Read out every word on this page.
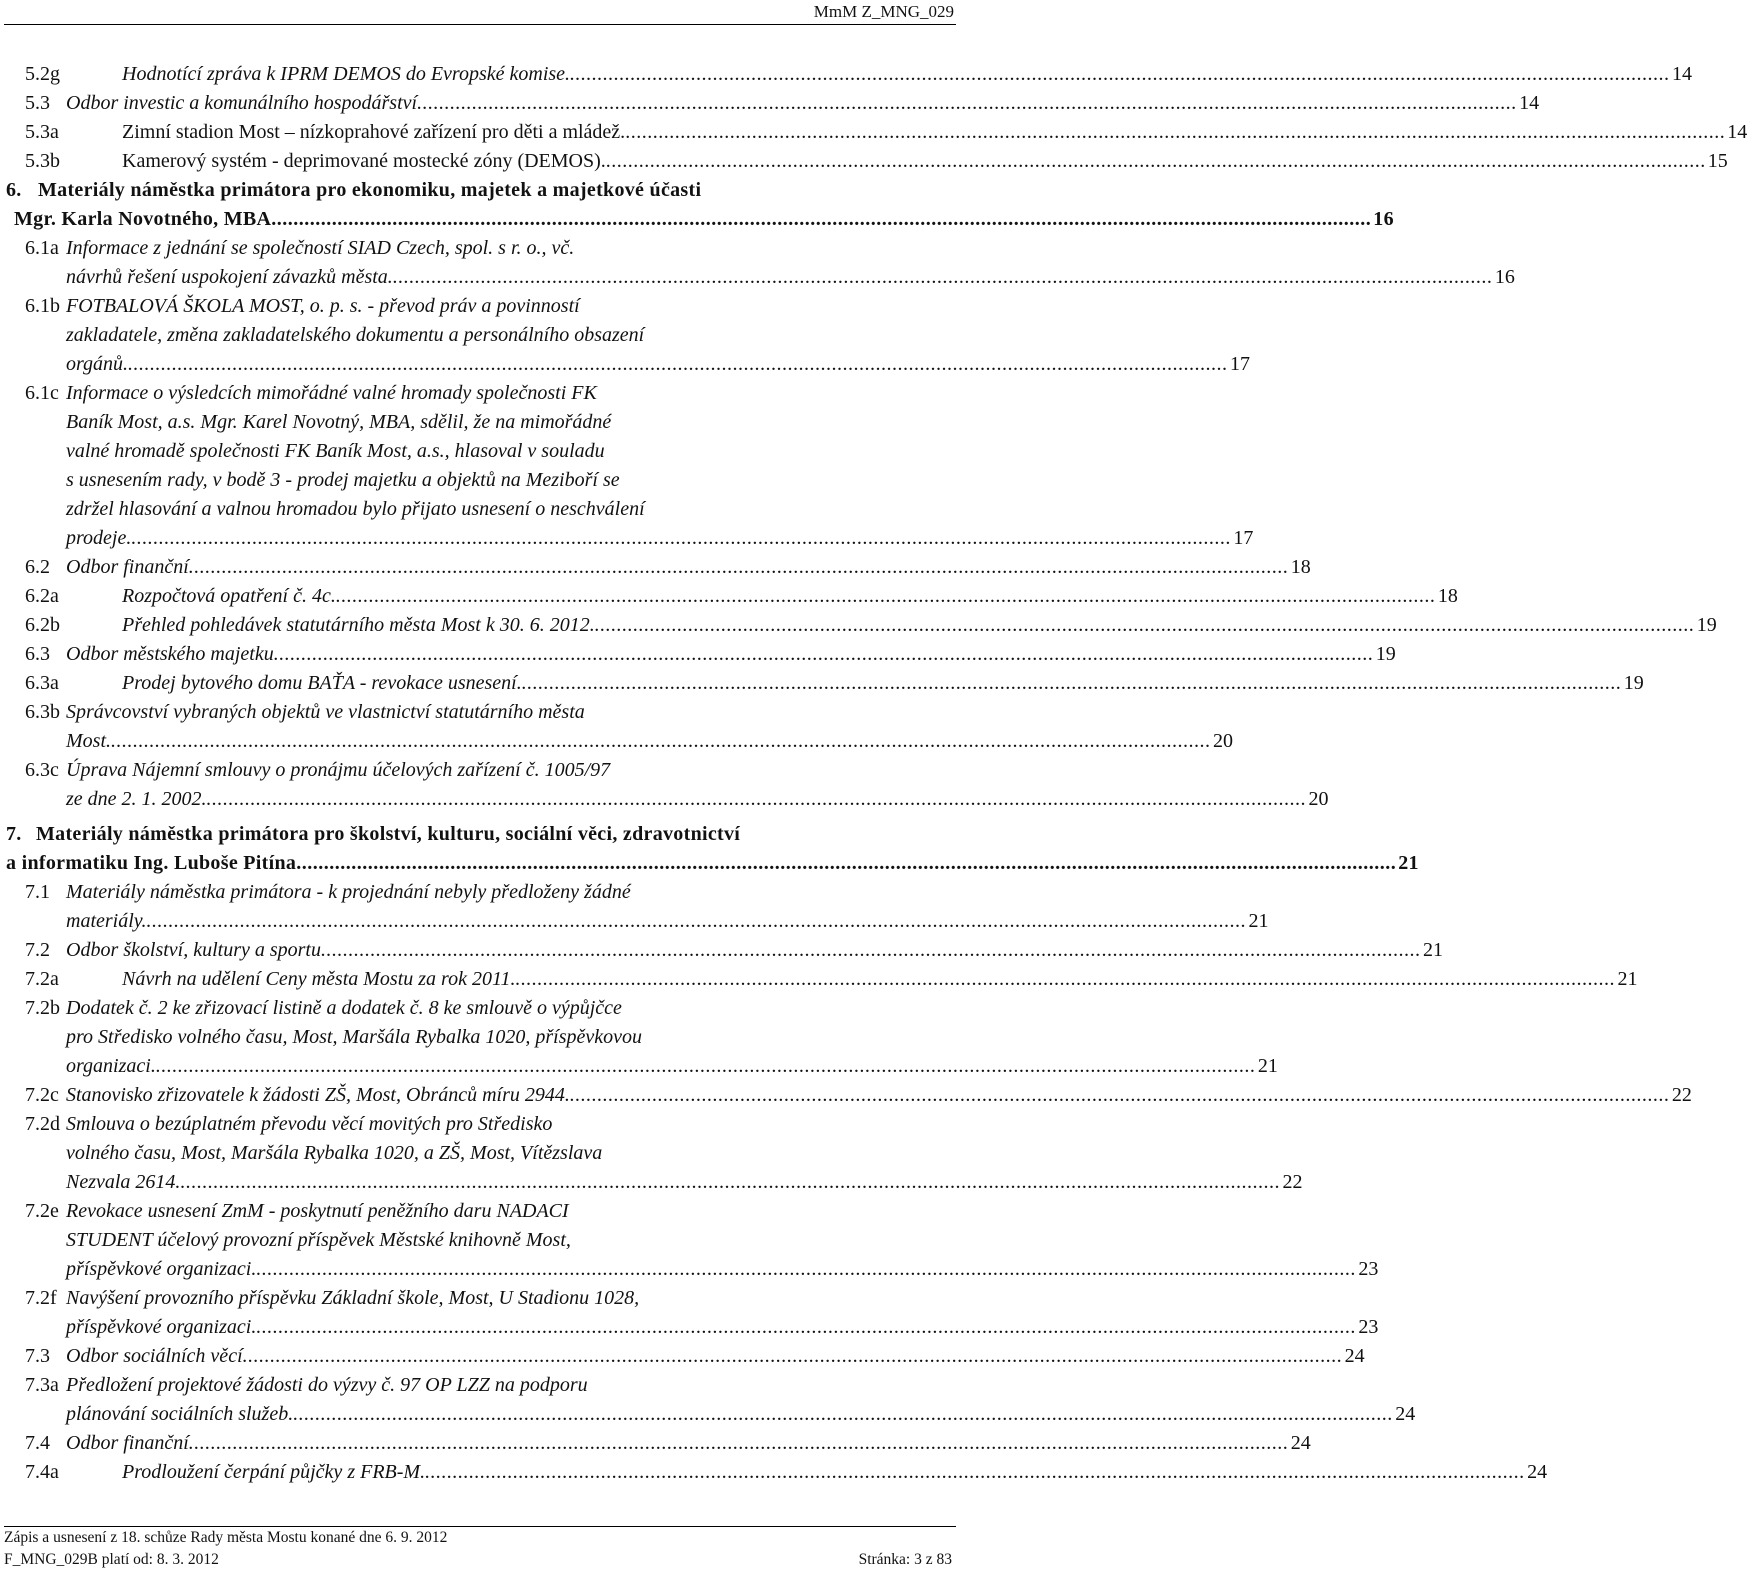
MmM Z_MNG_029
5.2g	Hodnotící zpráva k IPRM DEMOS do Evropské komise. ........................................................................................................................................................................................................ 14
5.3 Odbor investic a komunálního hospodářství ........................................................................................................................................................................................................ 14
5.3a	Zimní stadion Most – nízkoprahové zařízení pro děti a mládež. ........................................................................................................................................................................................................ 14
5.3b	Kamerový systém - deprimované mostecké zóny (DEMOS). ........................................................................................................................................................................................................ 15
6. Materiály náměstka primátora pro ekonomiku, majetek a majetkové účasti
Mgr. Karla Novotného, MBA ........................................................................................................................................................................................................ 16
6.1a Informace z jednání se společností SIAD Czech, spol. s r. o., vč.
návrhů řešení uspokojení závazků města. ........................................................................................................................................................................................................ 16
6.1b FOTBALOVÁ ŠKOLA MOST, o. p. s. - převod práv a povinností
zakladatele, změna zakladatelského dokumentu a personálního obsazení
orgánů. ........................................................................................................................................................................................................ 17
6.1c Informace o výsledcích mimořádné valné hromady společnosti FK
Baník Most, a.s. Mgr. Karel Novotný, MBA, sdělil, že na mimořádné
valné hromadě společnosti FK Baník Most, a.s., hlasoval v souladu
s usnesením rady, v bodě 3 - prodej majetku a objektů na Meziboří se
zdržel hlasování a valnou hromadou bylo přijato usnesení o neschválení
prodeje. ........................................................................................................................................................................................................ 17
6.2 Odbor finanční ........................................................................................................................................................................................................ 18
6.2a	Rozpočtová opatření č. 4c. ........................................................................................................................................................................................................ 18
6.2b	Přehled pohledávek statutárního města Most k 30. 6. 2012. ........................................................................................................................................................................................................ 19
6.3 Odbor městského majetku ........................................................................................................................................................................................................ 19
6.3a	Prodej bytového domu BAŤA - revokace usnesení. ........................................................................................................................................................................................................ 19
6.3b Správcovství vybraných objektů ve vlastnictví statutárního města
Most. ........................................................................................................................................................................................................ 20
6.3c Úprava Nájemní smlouvy o pronájmu účelových zařízení č. 1005/97
ze dne 2. 1. 2002. ........................................................................................................................................................................................................ 20
7. Materiály náměstka primátora pro školství, kulturu, sociální věci, zdravotnictví
a informatiku Ing. Luboše Pitína ........................................................................................................................................................................................................ 21
7.1 Materiály náměstka primátora - k projednání nebyly předloženy žádné
materiály. ........................................................................................................................................................................................................ 21
7.2 Odbor školství, kultury a sportu ........................................................................................................................................................................................................ 21
7.2a	Návrh na udělení Ceny města Mostu za rok 2011. ........................................................................................................................................................................................................ 21
7.2b Dodatek č. 2 ke zřizovací listině a dodatek č. 8 ke smlouvě o výpůjčce
pro Středisko volného času, Most, Maršála Rybalka 1020, příspěvkovou
organizaci. ........................................................................................................................................................................................................ 21
7.2c Stanovisko zřizovatele k žádosti ZŠ, Most, Obránců míru 2944. ........................................................................................................................................................................................................ 22
7.2d Smlouva o bezúplatném převodu věcí movitých pro Středisko
volného času, Most, Maršála Rybalka 1020, a ZŠ, Most, Vítězslava
Nezvala 2614. ........................................................................................................................................................................................................ 22
7.2e Revokace usnesení ZmM - poskytnutí peněžního daru NADACI
STUDENT účelový provozní příspěvek Městské knihovně Most,
příspěvkové organizaci. ........................................................................................................................................................................................................ 23
7.2f Navýšení provozního příspěvku Základní škole, Most, U Stadionu 1028,
příspěvkové organizaci. ........................................................................................................................................................................................................ 23
7.3 Odbor sociálních věcí ........................................................................................................................................................................................................ 24
7.3a Předložení projektové žádosti do výzvy č. 97 OP LZZ na podporu
plánování sociálních služeb. ........................................................................................................................................................................................................ 24
7.4 Odbor finanční ........................................................................................................................................................................................................ 24
7.4a	Prodloužení čerpání půjčky z FRB-M. ........................................................................................................................................................................................................ 24
Zápis a usnesení z 18. schůze Rady města Mostu konané dne 6. 9. 2012
F_MNG_029B platí od: 8. 3. 2012	Stránka: 3 z 83
